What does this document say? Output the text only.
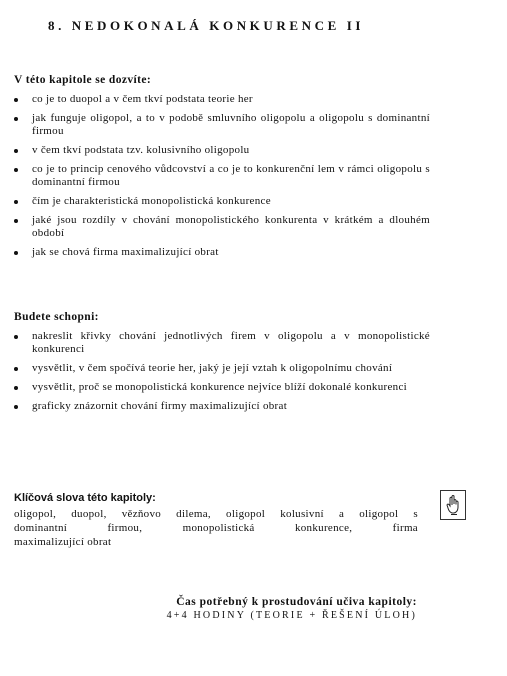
8. NEDOKONALÁ KONKURENCE II
V této kapitole se dozvíte:
co je to duopol a v čem tkví podstata teorie her
jak funguje oligopol, a to v podobě smluvního oligopolu a oligopolu s dominantní firmou
v čem tkví podstata tzv. kolusivního oligopolu
co je to princip cenového vůdcovství a co je to konkurenční lem v rámci oligopolu s dominantní firmou
čím je charakteristická monopolistická konkurence
jaké jsou rozdíly v chování monopolistického konkurenta v krátkém a dlouhém období
jak se chová firma maximalizující obrat
Budete schopni:
nakreslit křivky chování jednotlivých firem v oligopolu a v monopolistické konkurenci
vysvětlit, v čem spočívá teorie her, jaký je její vztah k oligopolnímu chování
vysvětlit, proč se monopolistická konkurence nejvíce blíží dokonalé konkurenci
graficky znázornit chování firmy maximalizující obrat
Klíčová slova této kapitoly:
oligopol, duopol, vězňovo dilema, oligopol kolusivní a oligopol s
dominantní firmou, monopolistická konkurence, firma
maximalizující obrat
Čas potřebný k prostudování učiva kapitoly:
4+4 HODINY (TEORIE + ŘEŠENÍ ÚLOH)
